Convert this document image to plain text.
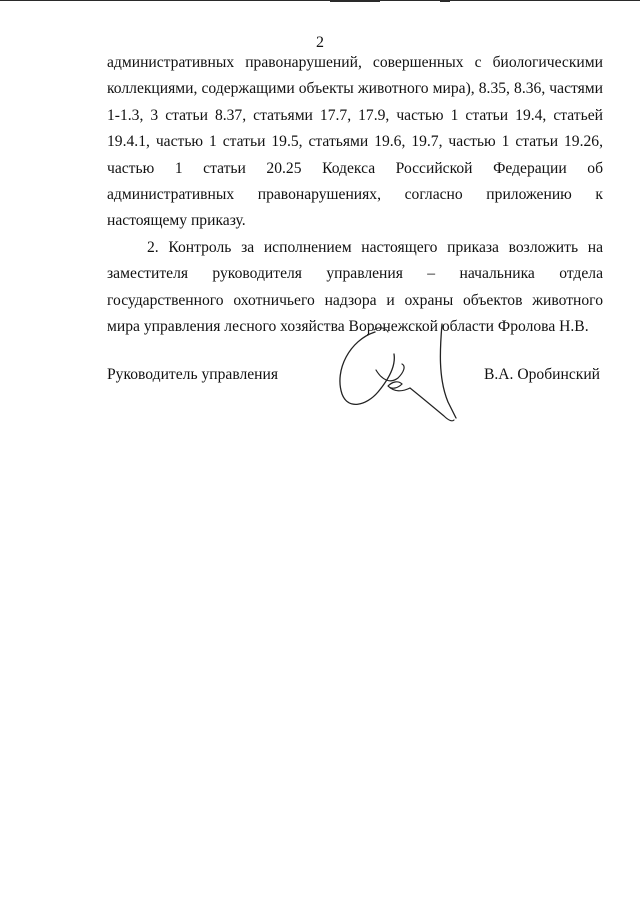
2

административных правонарушений, совершенных с биологическими коллекциями, содержащими объекты животного мира), 8.35, 8.36, частями 1-1.3, 3 статьи 8.37, статьями 17.7, 17.9, частью 1 статьи 19.4, статьей 19.4.1, частью 1 статьи 19.5, статьями 19.6, 19.7, частью 1 статьи 19.26, частью 1 статьи 20.25 Кодекса Российской Федерации об административных правонарушениях, согласно приложению к настоящему приказу.

2. Контроль за исполнением настоящего приказа возложить на заместителя руководителя управления – начальника отдела государственного охотничьего надзора и охраны объектов животного мира управления лесного хозяйства Воронежской области Фролова Н.В.

Руководитель управления	В.А. Оробинский
